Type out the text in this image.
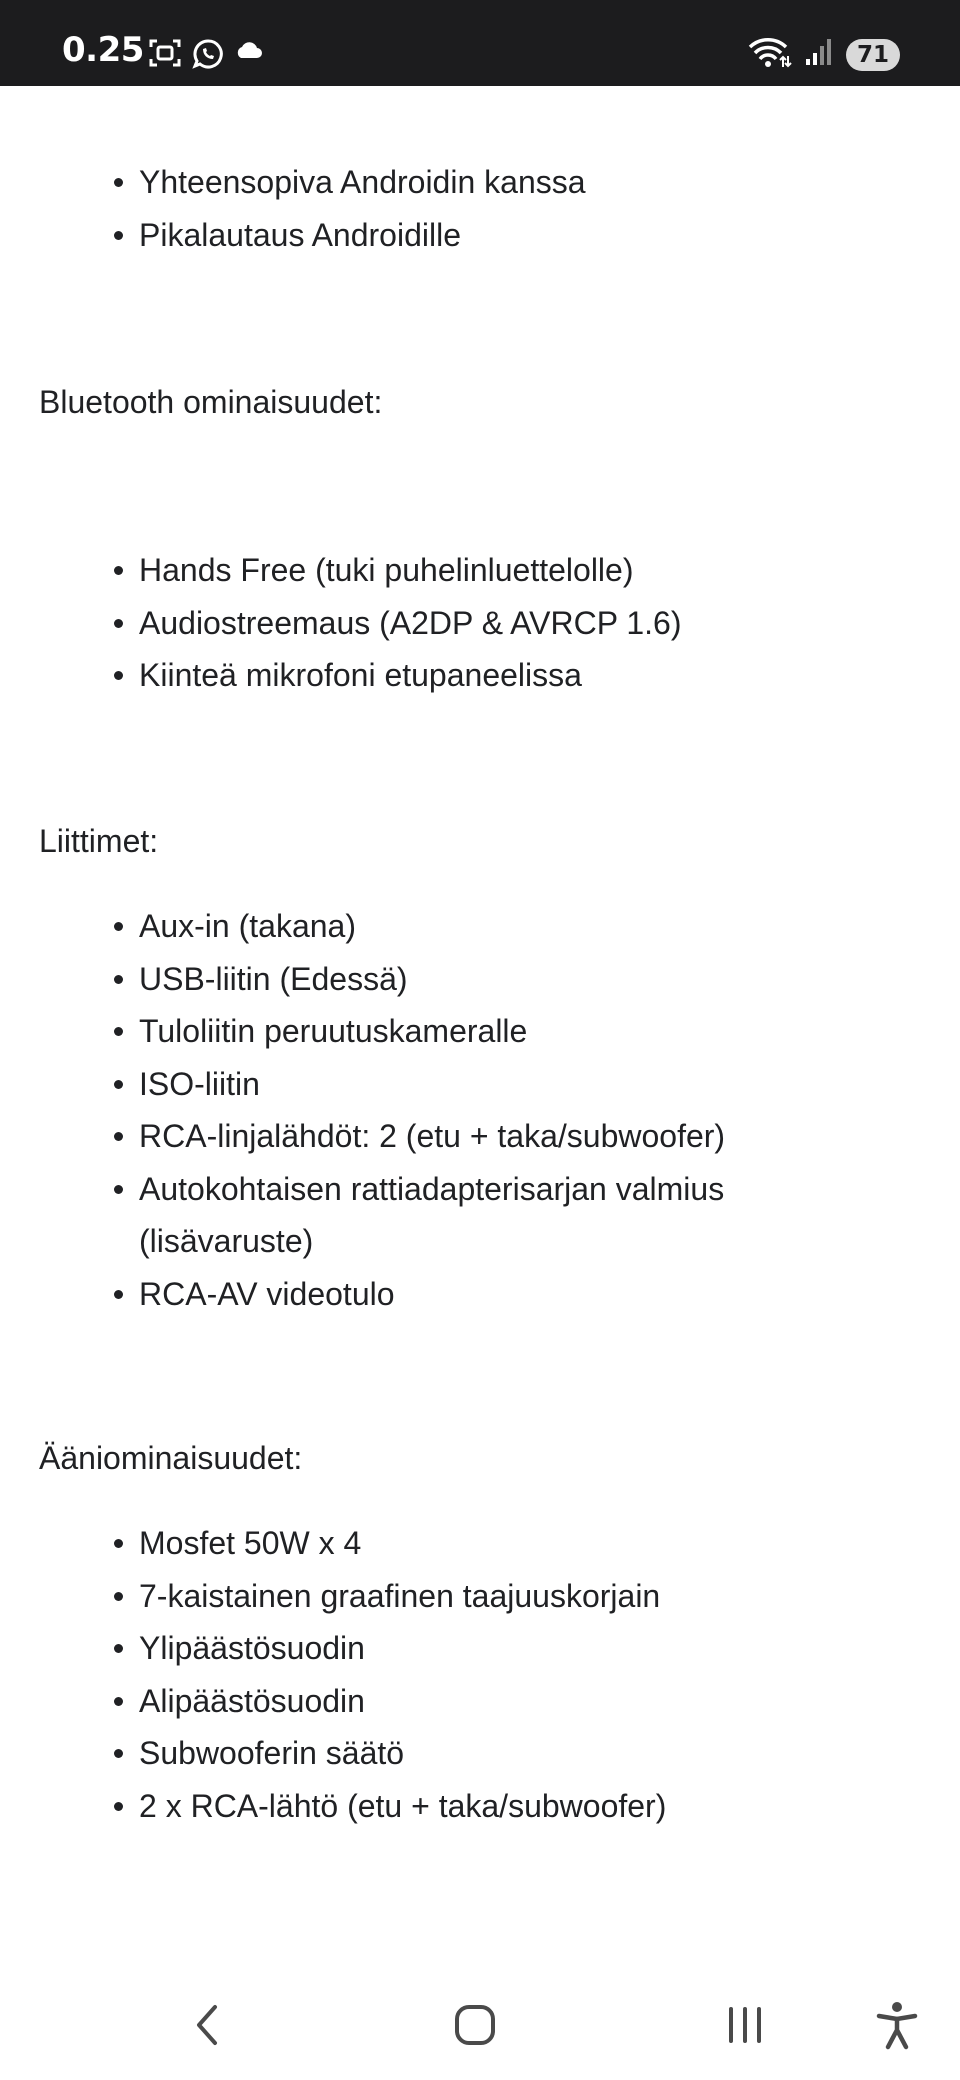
0.25	71
Yhteensopiva Androidin kanssa
Pikalautaus Androidille

Bluetooth ominaisuudet:

Hands Free (tuki puhelinluettelolle)
Audiostreemaus (A2DP & AVRCP 1.6)
Kiinteä mikrofoni etupaneelissa

Liittimet:

Aux-in (takana)
USB-liitin (Edessä)
Tuloliitin peruutuskameralle
ISO-liitin
RCA-linjalähdöt: 2 (etu + taka/subwoofer)
Autokohtaisen rattiadapterisarjan valmius (lisävaruste)
RCA-AV videotulo

Ääniominaisuudet:

Mosfet 50W x 4
7-kaistainen graafinen taajuuskorjain
Ylipäästösuodin
Alipäästösuodin
Subwooferin säätö
2 x RCA-lähtö (etu + taka/subwoofer)
